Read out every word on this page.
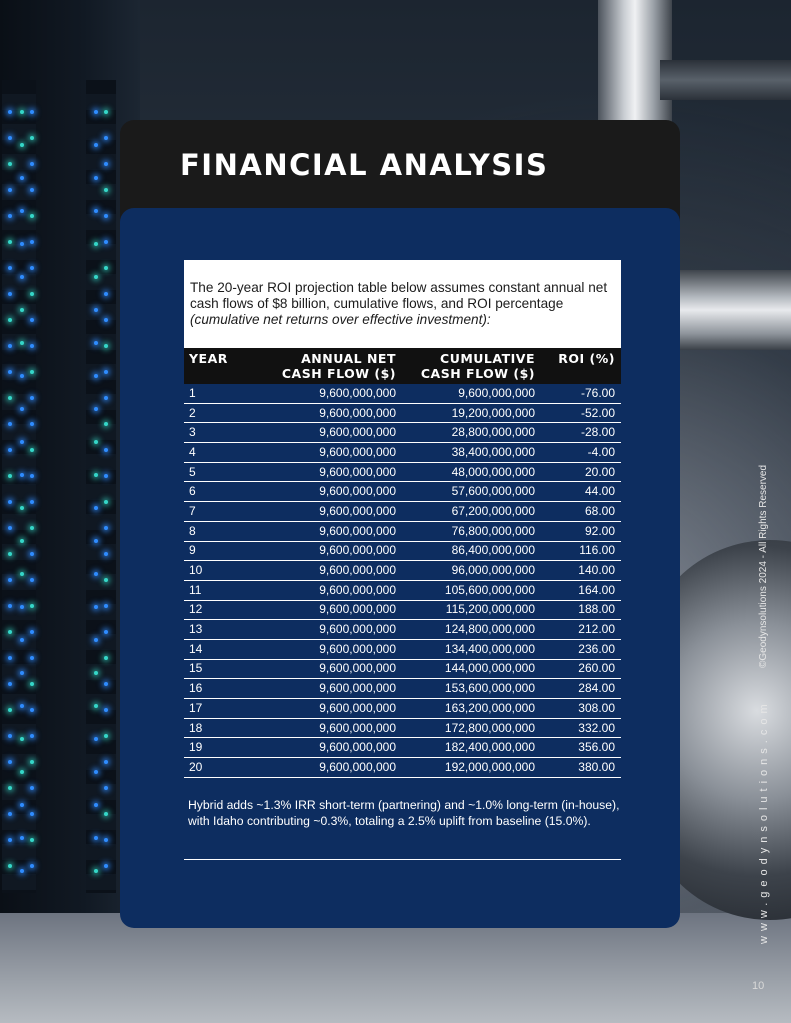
FINANCIAL ANALYSIS
The 20-year ROI projection table below assumes constant annual net cash flows of $8 billion, cumulative flows, and ROI percentage (cumulative net returns over effective investment):
YEAR	ANNUAL NET CASH FLOW ($)	CUMULATIVE CASH FLOW ($)	ROI (%)
1	9,600,000,000	9,600,000,000	-76.00
2	9,600,000,000	19,200,000,000	-52.00
3	9,600,000,000	28,800,000,000	-28.00
4	9,600,000,000	38,400,000,000	-4.00
5	9,600,000,000	48,000,000,000	20.00
6	9,600,000,000	57,600,000,000	44.00
7	9,600,000,000	67,200,000,000	68.00
8	9,600,000,000	76,800,000,000	92.00
9	9,600,000,000	86,400,000,000	116.00
10	9,600,000,000	96,000,000,000	140.00
11	9,600,000,000	105,600,000,000	164.00
12	9,600,000,000	115,200,000,000	188.00
13	9,600,000,000	124,800,000,000	212.00
14	9,600,000,000	134,400,000,000	236.00
15	9,600,000,000	144,000,000,000	260.00
16	9,600,000,000	153,600,000,000	284.00
17	9,600,000,000	163,200,000,000	308.00
18	9,600,000,000	172,800,000,000	332.00
19	9,600,000,000	182,400,000,000	356.00
20	9,600,000,000	192,000,000,000	380.00
Hybrid adds ~1.3% IRR short-term (partnering) and ~1.0% long-term (in-house), with Idaho contributing ~0.3%, totaling a 2.5% uplift from baseline (15.0%).
©Geodynsolutions 2024 - All Rights Reserved
www.geodynsolutions.com
10
